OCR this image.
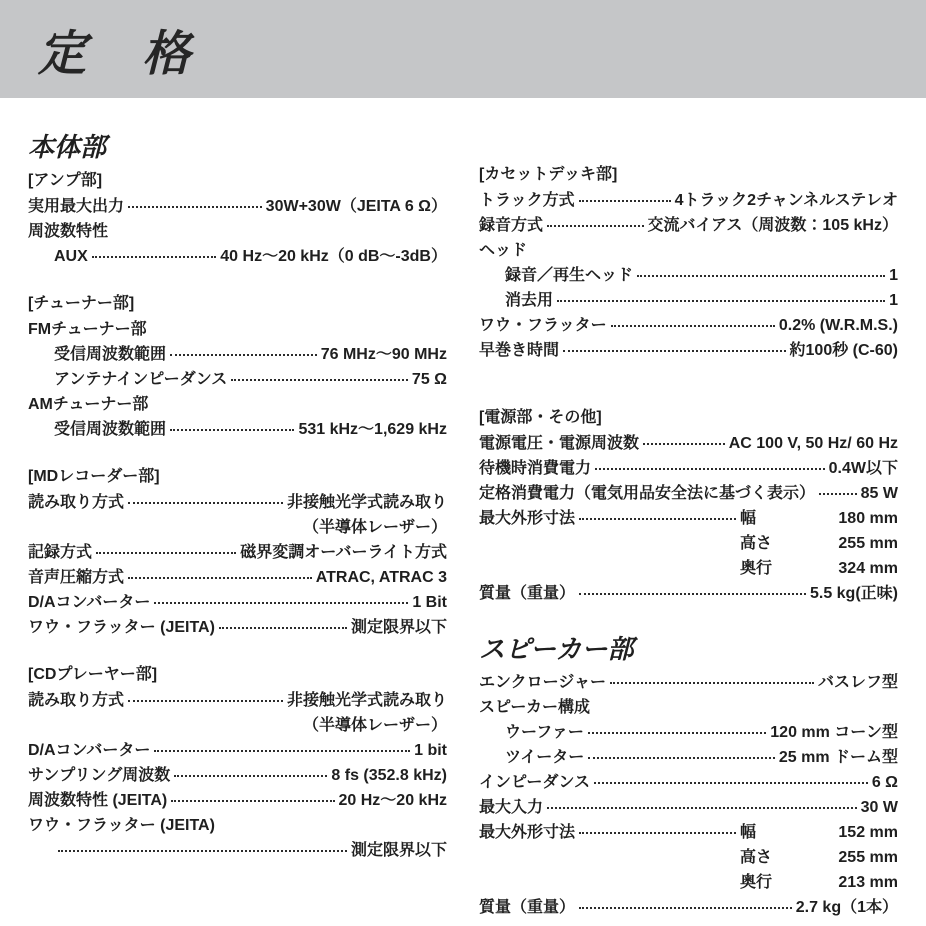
定　格
本体部
[アンプ部]
実用最大出力	30W+30W（JEITA 6 Ω）
周波数特性
AUX	40 Hz〜20 kHz（0 dB〜-3dB）
[チューナー部]
FMチューナー部
受信周波数範囲	76 MHz〜90 MHz
アンテナインピーダンス	75 Ω
AMチューナー部
受信周波数範囲	531 kHz〜1,629 kHz
[MDレコーダー部]
読み取り方式	非接触光学式読み取り
（半導体レーザー）
記録方式	磁界変調オーバーライト方式
音声圧縮方式	ATRAC, ATRAC 3
D/Aコンバーター	1 Bit
ワウ・フラッター (JEITA)	測定限界以下
[CDプレーヤー部]
読み取り方式	非接触光学式読み取り
（半導体レーザー）
D/Aコンバーター	1 bit
サンプリング周波数	8 fs (352.8 kHz)
周波数特性 (JEITA)	20 Hz〜20 kHz
ワウ・フラッター (JEITA)
測定限界以下
[カセットデッキ部]
トラック方式	4トラック2チャンネルステレオ
録音方式	交流バイアス（周波数：105 kHz）
ヘッド
録音／再生ヘッド	1
消去用	1
ワウ・フラッター	0.2% (W.R.M.S.)
早巻き時間	約100秒 (C-60)
[電源部・その他]
電源電圧・電源周波数	AC 100 V, 50 Hz/ 60 Hz
待機時消費電力	0.4W以下
定格消費電力（電気用品安全法に基づく表示）	85 W
最大外形寸法	幅	180 mm
高さ	255 mm
奥行	324 mm
質量（重量）	5.5 kg(正味)
スピーカー部
エンクロージャー	バスレフ型
スピーカー構成
ウーファー	120 mm コーン型
ツイーター	25 mm ドーム型
インピーダンス	6 Ω
最大入力	30 W
最大外形寸法	幅	152 mm
高さ	255 mm
奥行	213 mm
質量（重量）	2.7 kg（1本）
